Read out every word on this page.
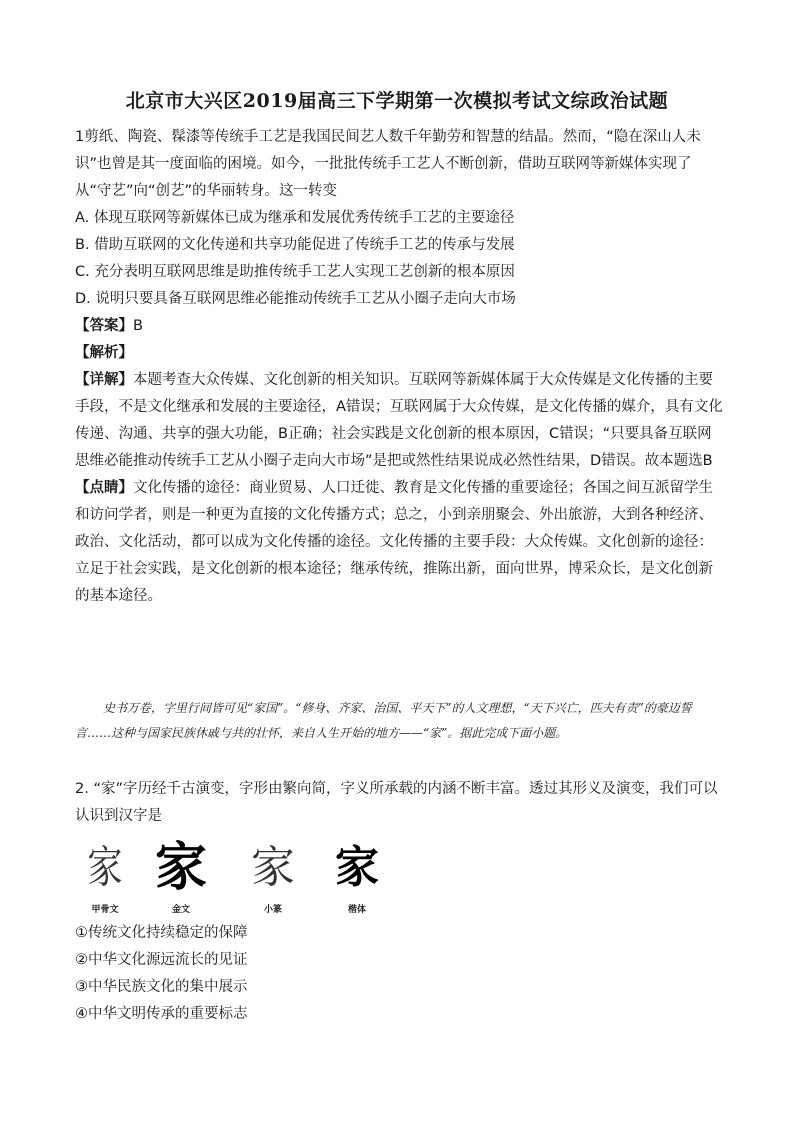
北京市大兴区2019届高三下学期第一次模拟考试文综政治试题

1剪纸、陶瓷、髹漆等传统手工艺是我国民间艺人数千年勤劳和智慧的结晶。然而，“隐在深山人未识”也曾是其一度面临的困境。如今，一批批传统手工艺人不断创新，借助互联网等新媒体实现了从“守艺”向“创艺”的华丽转身。这一转变

A. 体现互联网等新媒体已成为继承和发展优秀传统手工艺的主要途径

B. 借助互联网的文化传递和共享功能促进了传统手工艺的传承与发展

C. 充分表明互联网思维是助推传统手工艺人实现工艺创新的根本原因

D. 说明只要具备互联网思维必能推动传统手工艺从小圈子走向大市场

【答案】B

【解析】

【详解】本题考查大众传媒、文化创新的相关知识。互联网等新媒体属于大众传媒是文化传播的主要手段，不是文化继承和发展的主要途径，A错误；互联网属于大众传媒，是文化传播的媒介，具有文化传递、沟通、共享的强大功能，B正确；社会实践是文化创新的根本原因，C错误；“只要具备互联网思维必能推动传统手工艺从小圈子走向大市场”是把或然性结果说成必然性结果，D错误。故本题选B

【点睛】文化传播的途径：商业贸易、人口迁徙、教育是文化传播的重要途径；各国之间互派留学生和访问学者，则是一种更为直接的文化传播方式；总之，小到亲朋聚会、外出旅游，大到各种经济、政治、文化活动，都可以成为文化传播的途径。文化传播的主要手段：大众传媒。文化创新的途径：立足于社会实践，是文化创新的根本途径；继承传统，推陈出新，面向世界，博采众长，是文化创新的基本途径。

史书万卷，字里行间皆可见“家国”。“修身、齐家、治国、平天下”的人文理想，“天下兴亡，匹夫有责”的豪迈誓言……这种与国家民族休戚与共的壮怀，来自人生开始的地方——“家”。据此完成下面小题。

2. “家”字历经千古演变，字形由繁向简，字义所承载的内涵不断丰富。透过其形义及演变，我们可以认识到汉字是

家
甲骨文
家
金文
家
小篆
家
楷体

①传统文化持续稳定的保障

②中华文化源远流长的见证

③中华民族文化的集中展示

④中华文明传承的重要标志
